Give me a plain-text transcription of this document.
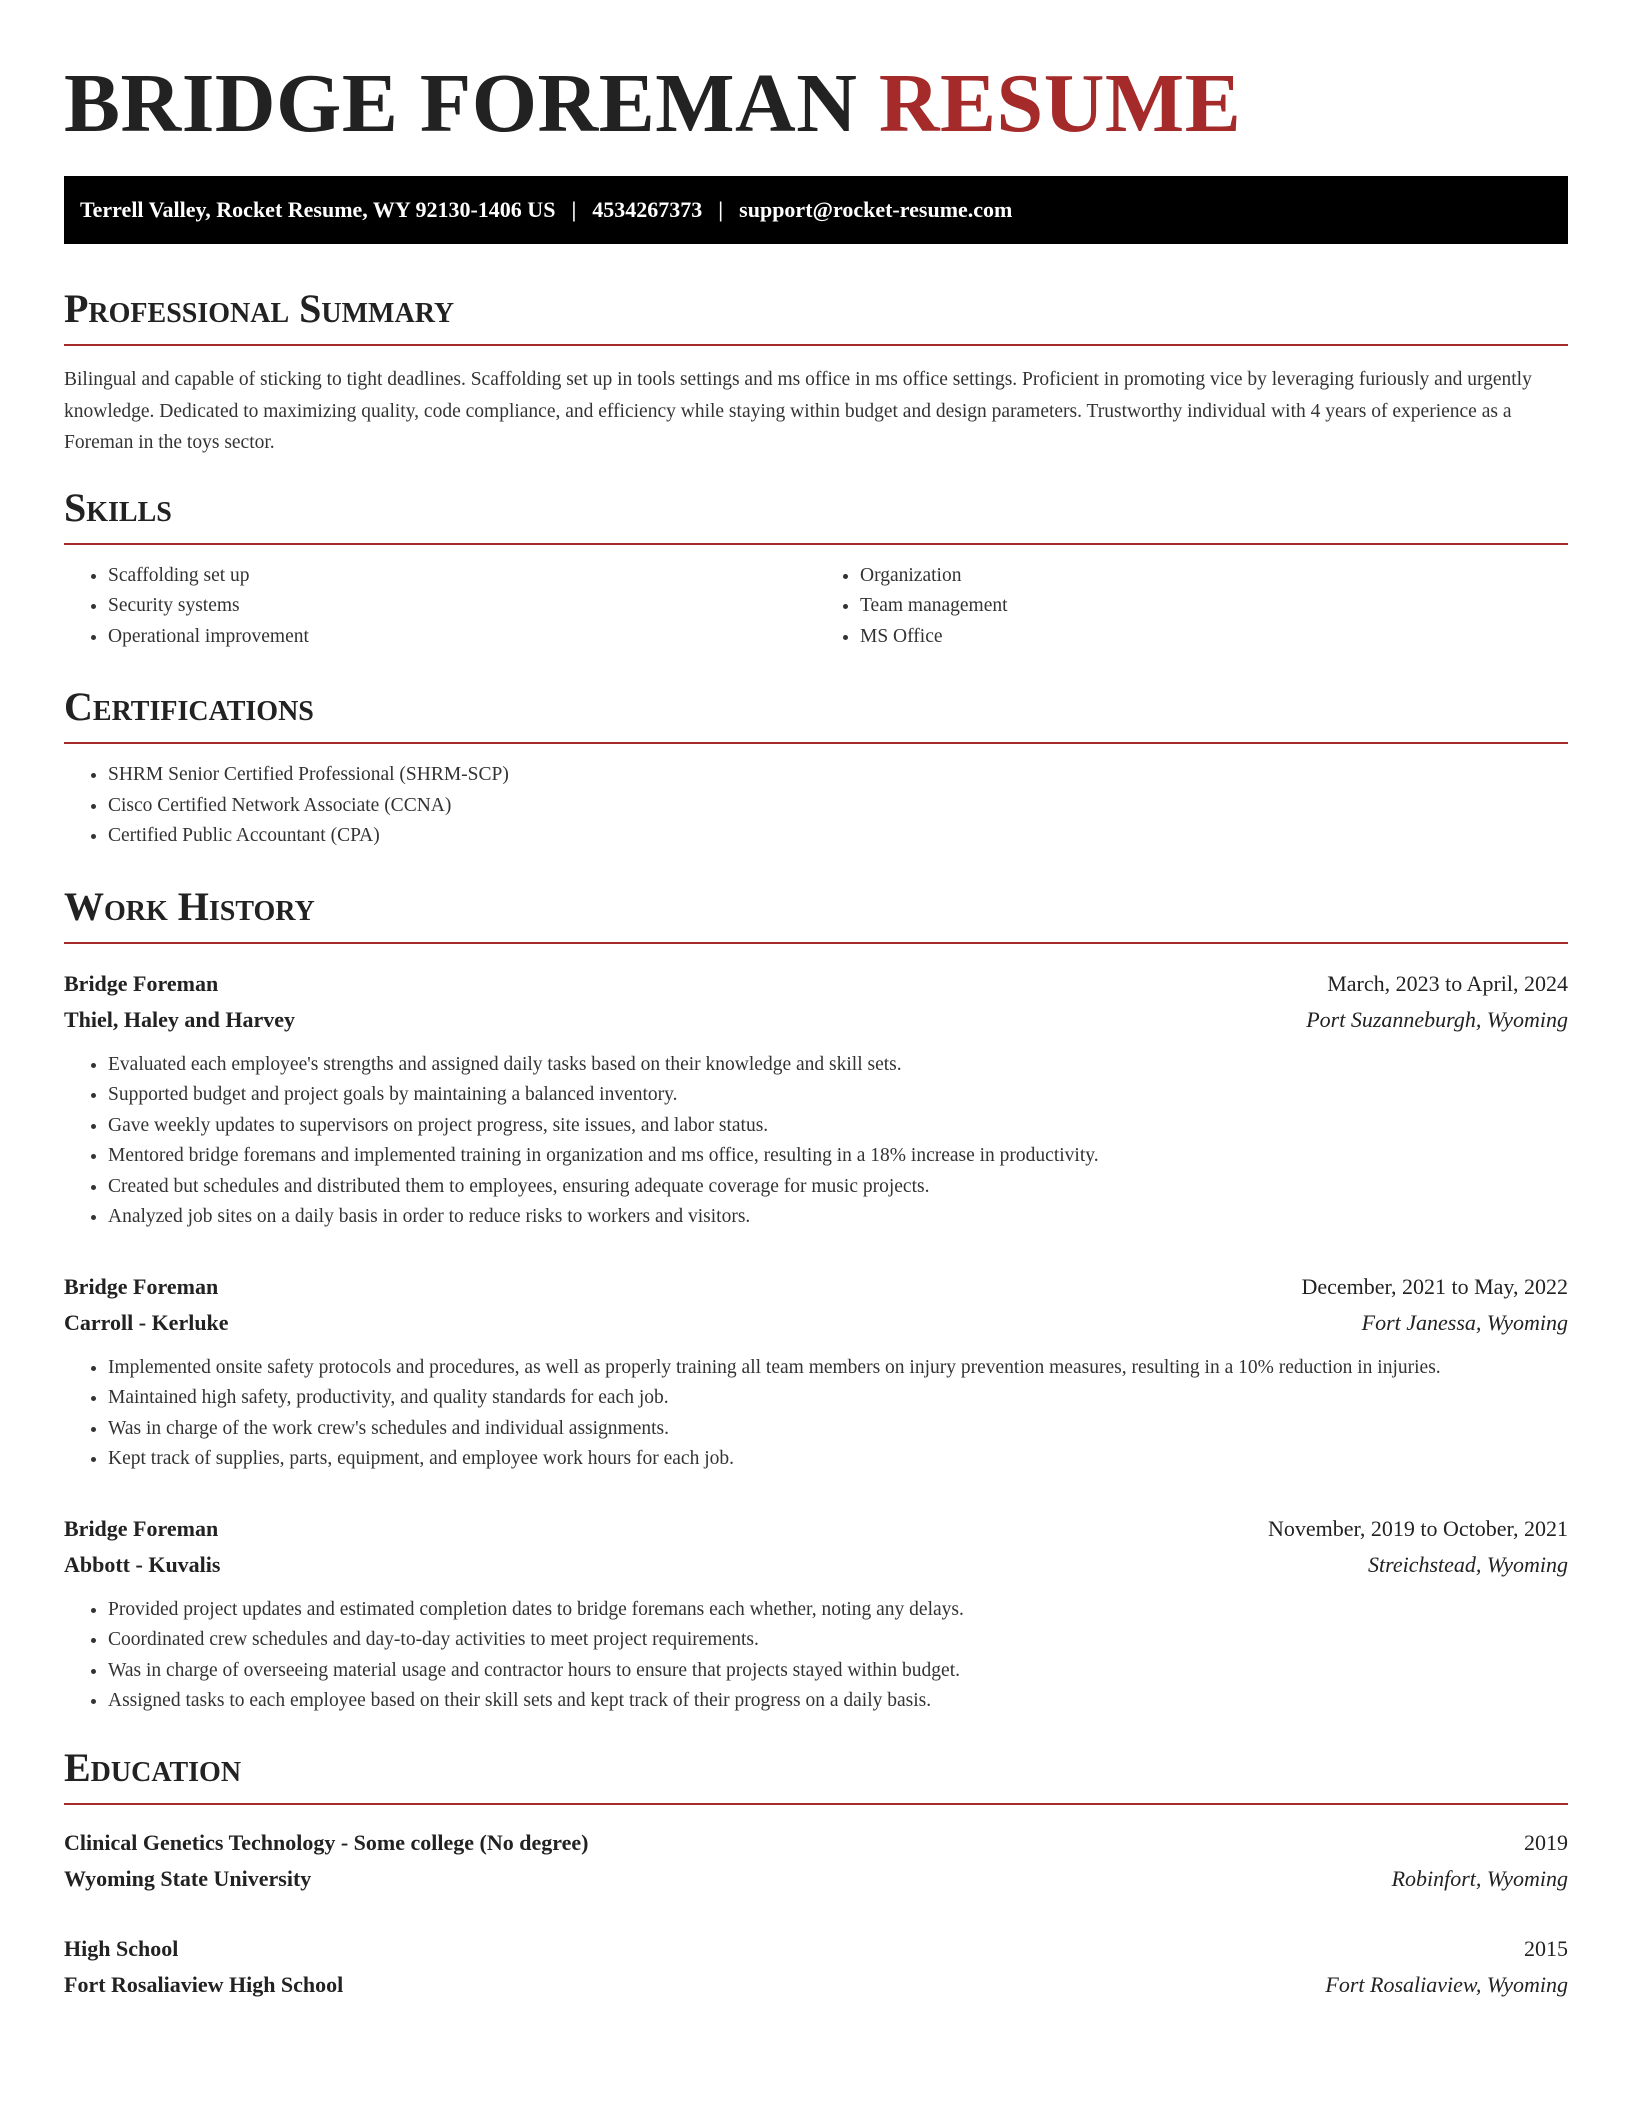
BRIDGE FOREMAN RESUME
Terrell Valley, Rocket Resume, WY 92130-1406 US | 4534267373 | support@rocket-resume.com
Professional Summary

Bilingual and capable of sticking to tight deadlines. Scaffolding set up in tools settings and ms office in ms office settings. Proficient in promoting vice by leveraging furiously and urgently knowledge. Dedicated to maximizing quality, code compliance, and efficiency while staying within budget and design parameters. Trustworthy individual with 4 years of experience as a Foreman in the toys sector.

Skills
• Scaffolding set up
• Security systems
• Operational improvement
• Organization
• Team management
• MS Office
Certifications
• SHRM Senior Certified Professional (SHRM-SCP)
• Cisco Certified Network Associate (CCNA)
• Certified Public Accountant (CPA)
Work History
Bridge Foreman	March, 2023 to April, 2024
Thiel, Haley and Harvey	Port Suzanneburgh, Wyoming
• Evaluated each employee's strengths and assigned daily tasks based on their knowledge and skill sets.
• Supported budget and project goals by maintaining a balanced inventory.
• Gave weekly updates to supervisors on project progress, site issues, and labor status.
• Mentored bridge foremans and implemented training in organization and ms office, resulting in a 18% increase in productivity.
• Created but schedules and distributed them to employees, ensuring adequate coverage for music projects.
• Analyzed job sites on a daily basis in order to reduce risks to workers and visitors.
Bridge Foreman	December, 2021 to May, 2022
Carroll - Kerluke	Fort Janessa, Wyoming
• Implemented onsite safety protocols and procedures, as well as properly training all team members on injury prevention measures, resulting in a 10% reduction in injuries.
• Maintained high safety, productivity, and quality standards for each job.
• Was in charge of the work crew's schedules and individual assignments.
• Kept track of supplies, parts, equipment, and employee work hours for each job.
Bridge Foreman	November, 2019 to October, 2021
Abbott - Kuvalis	Streichstead, Wyoming
• Provided project updates and estimated completion dates to bridge foremans each whether, noting any delays.
• Coordinated crew schedules and day-to-day activities to meet project requirements.
• Was in charge of overseeing material usage and contractor hours to ensure that projects stayed within budget.
• Assigned tasks to each employee based on their skill sets and kept track of their progress on a daily basis.
Education
Clinical Genetics Technology - Some college (No degree)	2019
Wyoming State University	Robinfort, Wyoming
High School	2015
Fort Rosaliaview High School	Fort Rosaliaview, Wyoming
